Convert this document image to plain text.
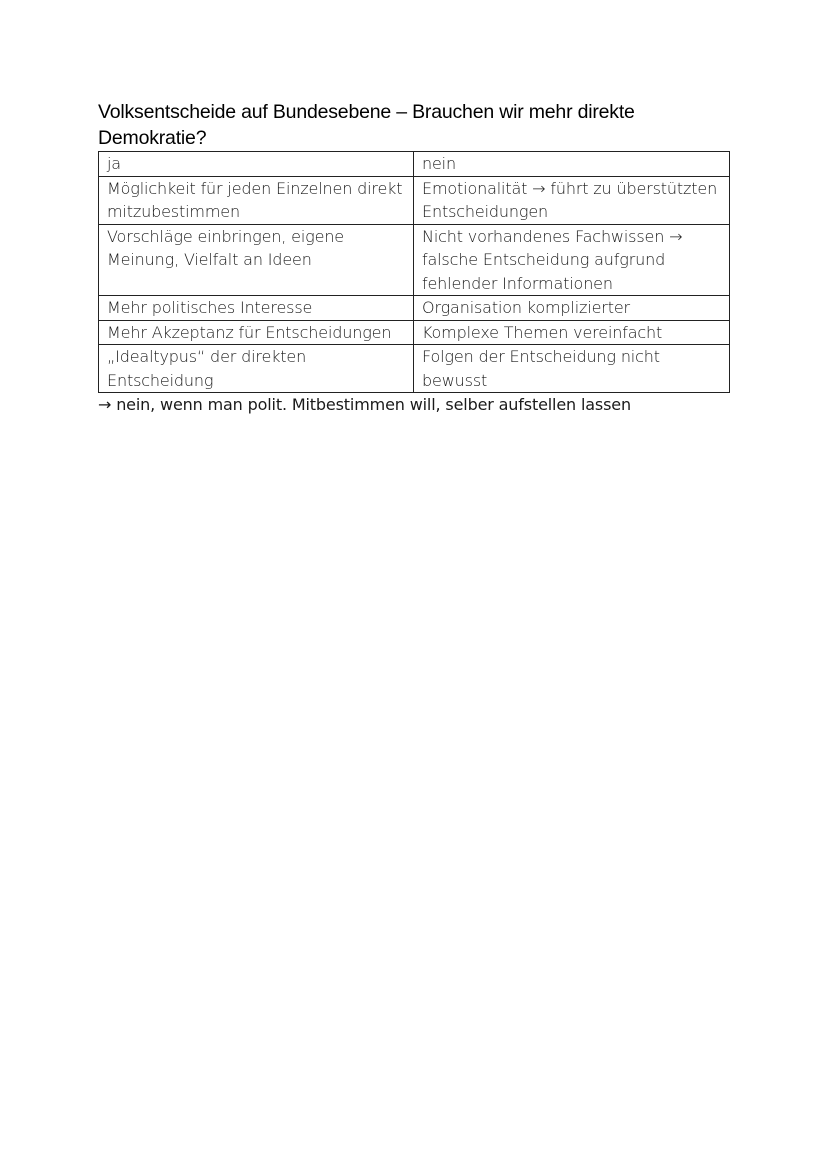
Volksentscheide auf Bundesebene – Brauchen wir mehr direkte Demokratie?
ja	nein
Möglichkeit für jeden Einzelnen direkt mitzubestimmen	Emotionalität → führt zu überstützten Entscheidungen
Vorschläge einbringen, eigene Meinung, Vielfalt an Ideen	Nicht vorhandenes Fachwissen → falsche Entscheidung aufgrund fehlender Informationen
Mehr politisches Interesse	Organisation komplizierter
Mehr Akzeptanz für Entscheidungen	Komplexe Themen vereinfacht
„Idealtypus“ der direkten Entscheidung	Folgen der Entscheidung nicht bewusst

→ nein, wenn man polit. Mitbestimmen will, selber aufstellen lassen
